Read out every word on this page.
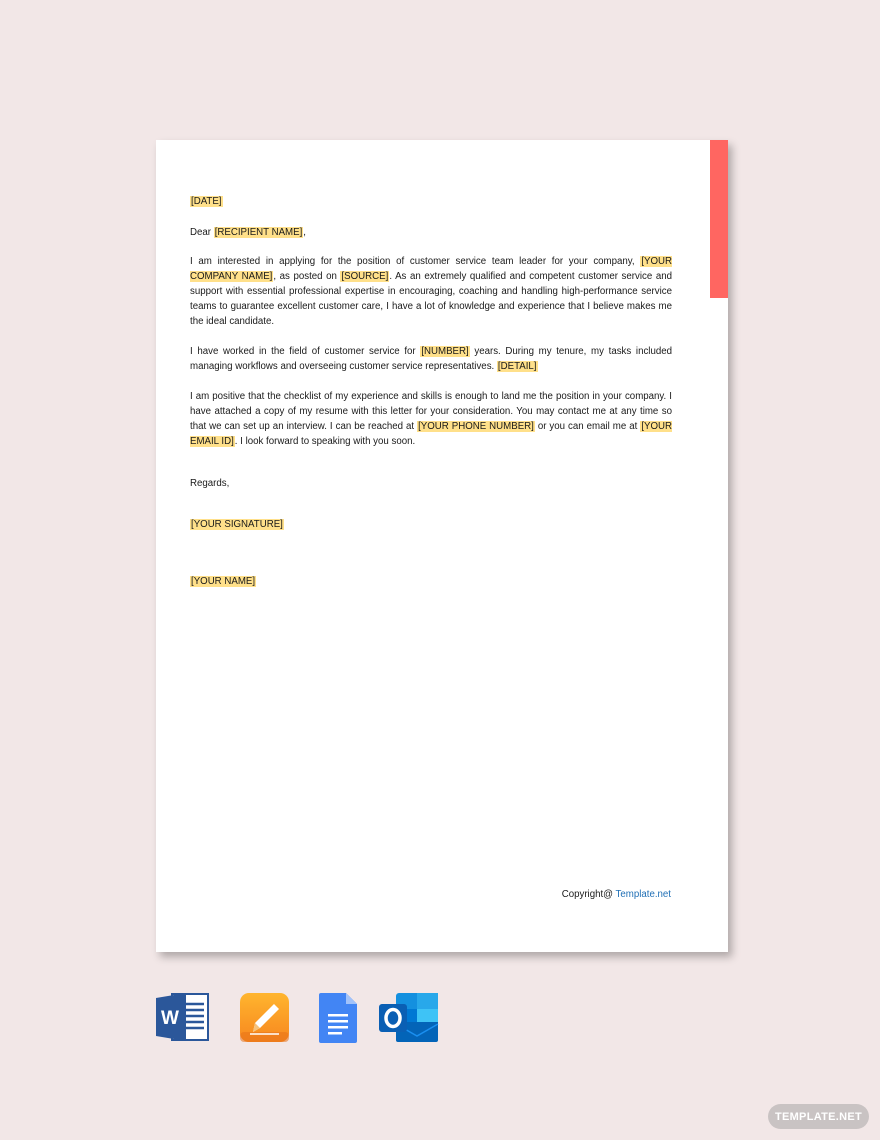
[DATE]

Dear [RECIPIENT NAME],

I am interested in applying for the position of customer service team leader for your company, [YOUR COMPANY NAME], as posted on [SOURCE]. As an extremely qualified and competent customer service and support with essential professional expertise in encouraging, coaching and handling high-performance service teams to guarantee excellent customer care, I have a lot of knowledge and experience that I believe makes me the ideal candidate.

I have worked in the field of customer service for [NUMBER] years. During my tenure, my tasks included managing workflows and overseeing customer service representatives. [DETAIL]

I am positive that the checklist of my experience and skills is enough to land me the position in your company. I have attached a copy of my resume with this letter for your consideration. You may contact me at any time so that we can set up an interview. I can be reached at [YOUR PHONE NUMBER] or you can email me at [YOUR EMAIL ID]. I look forward to speaking with you soon.

Regards,

[YOUR SIGNATURE]

[YOUR NAME]

Copyright@ Template.net
W
TEMPLATE.NET
